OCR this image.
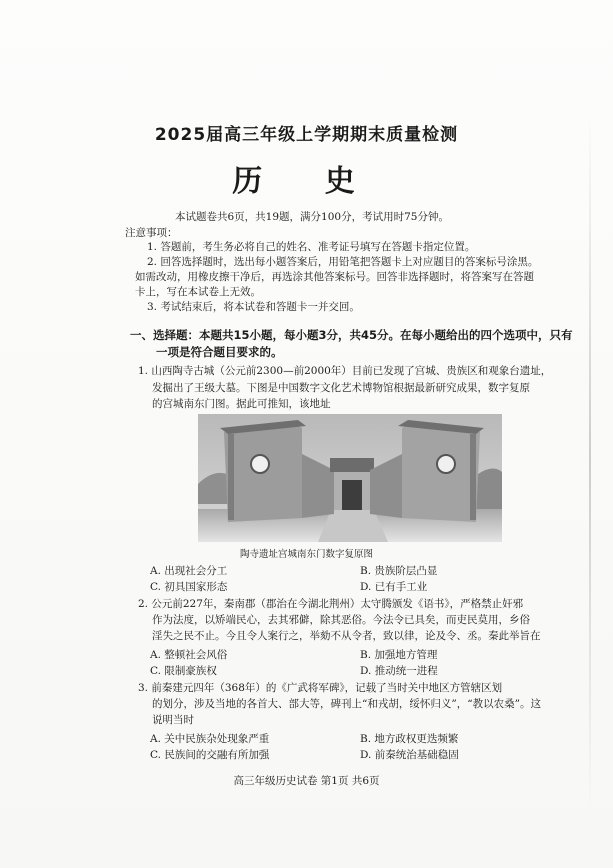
2025届高三年级上学期期末质量检测
历 史
本试题卷共6页，共19题，满分100分，考试用时75分钟。
注意事项：
1. 答题前，考生务必将自己的姓名、准考证号填写在答题卡指定位置。
2. 回答选择题时，选出每小题答案后，用铅笔把答题卡上对应题目的答案标号涂黑。
如需改动，用橡皮擦干净后，再选涂其他答案标号。回答非选择题时，将答案写在答题
卡上，写在本试卷上无效。
3. 考试结束后，将本试卷和答题卡一并交回。
一、选择题：本题共15小题，每小题3分，共45分。在每小题给出的四个选项中，只有
一项是符合题目要求的。
1. 山西陶寺古城（公元前2300—前2000年）目前已发现了宫城、贵族区和观象台遗址，
发掘出了王级大墓。下图是中国数字文化艺术博物馆根据最新研究成果，数字复原
的宫城南东门图。据此可推知，该地址
陶寺遗址宫城南东门数字复原图
A. 出现社会分工	B. 贵族阶层凸显
C. 初具国家形态	D. 已有手工业
2. 公元前227年，秦南郡（郡治在今湖北荆州）太守腾颁发《语书》，严格禁止奸邪
作为法度，以矫端民心，去其邪僻，除其恶俗。今法令已具矣，而吏民莫用，乡俗
淫失之民不止。今且令人案行之，举劾不从令者，致以律，论及令、丞。秦此举旨在
A. 整顿社会风俗	B. 加强地方管理
C. 限制豪族权	D. 推动统一进程
3. 前秦建元四年（368年）的《广武将军碑》，记载了当时关中地区方管辖区划
的划分，涉及当地的各首大、部大等，碑刊上“和戎胡，绥怀归义”，“教以农桑”。这
说明当时
A. 关中民族杂处现象严重	B. 地方政权更迭频繁
C. 民族间的交融有所加强	D. 前秦统治基础稳固
高三年级历史试卷 第1页 共6页
